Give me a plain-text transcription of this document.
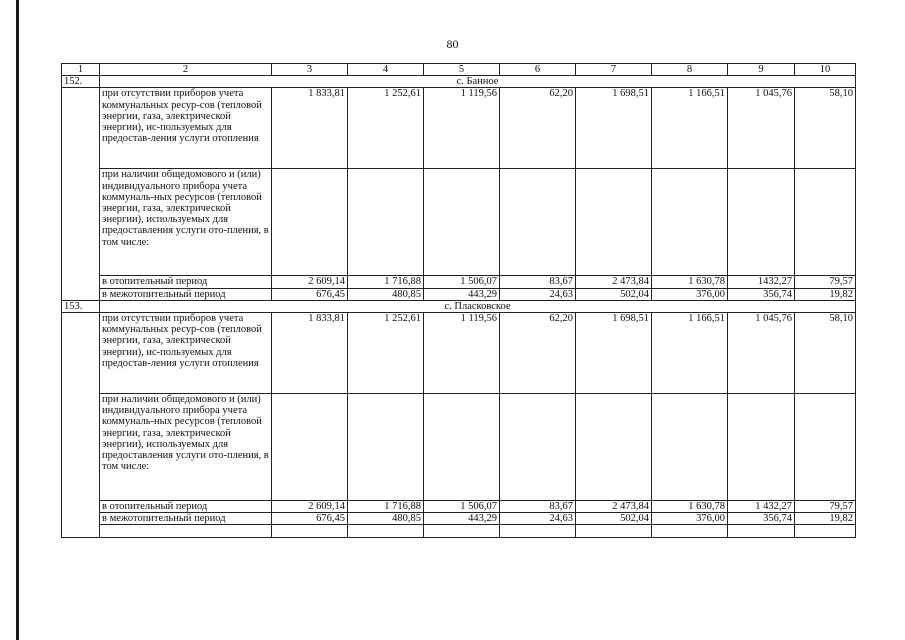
80
1	2	3	4	5	6	7	8	9	10
152.	с. Банное								
	при отсутствии приборов учета коммунальных ресур-сов (тепловой энергии, газа, электрической энергии), ис-пользуемых для предостав-ления услуги отопления	1 833,81	1 252,61	1 119,56	62,20	1 698,51	1 166,51	1 045,76	58,10
	при наличии общедомового и (или) индивидуального прибора учета коммуналь-ных ресурсов (тепловой энергии, газа, электрической энергии), используемых для предоставления услуги ото-пления, в том числе:								
	в отопительный период	2 609,14	1 716,88	1 506,07	83,67	2 473,84	1 630,78	1432,27	79,57
	в межотопительный период	676,45	480,85	443,29	24,63	502,04	376,00	356,74	19,82
153.	с. Пласковское								
	при отсутствии приборов учета коммунальных ресур-сов (тепловой энергии, газа, электрической энергии), ис-пользуемых для предостав-ления услуги отопления	1 833,81	1 252,61	1 119,56	62,20	1 698,51	1 166,51	1 045,76	58,10
	при наличии общедомового и (или) индивидуального прибора учета коммуналь-ных ресурсов (тепловой энергии, газа, электрической энергии), используемых для предоставления услуги ото-пления, в том числе:								
	в отопительный период	2 609,14	1 716,88	1 506,07	83,67	2 473,84	1 630,78	1 432,27	79,57
	в межотопительный период	676,45	480,85	443,29	24,63	502,04	376,00	356,74	19,82
